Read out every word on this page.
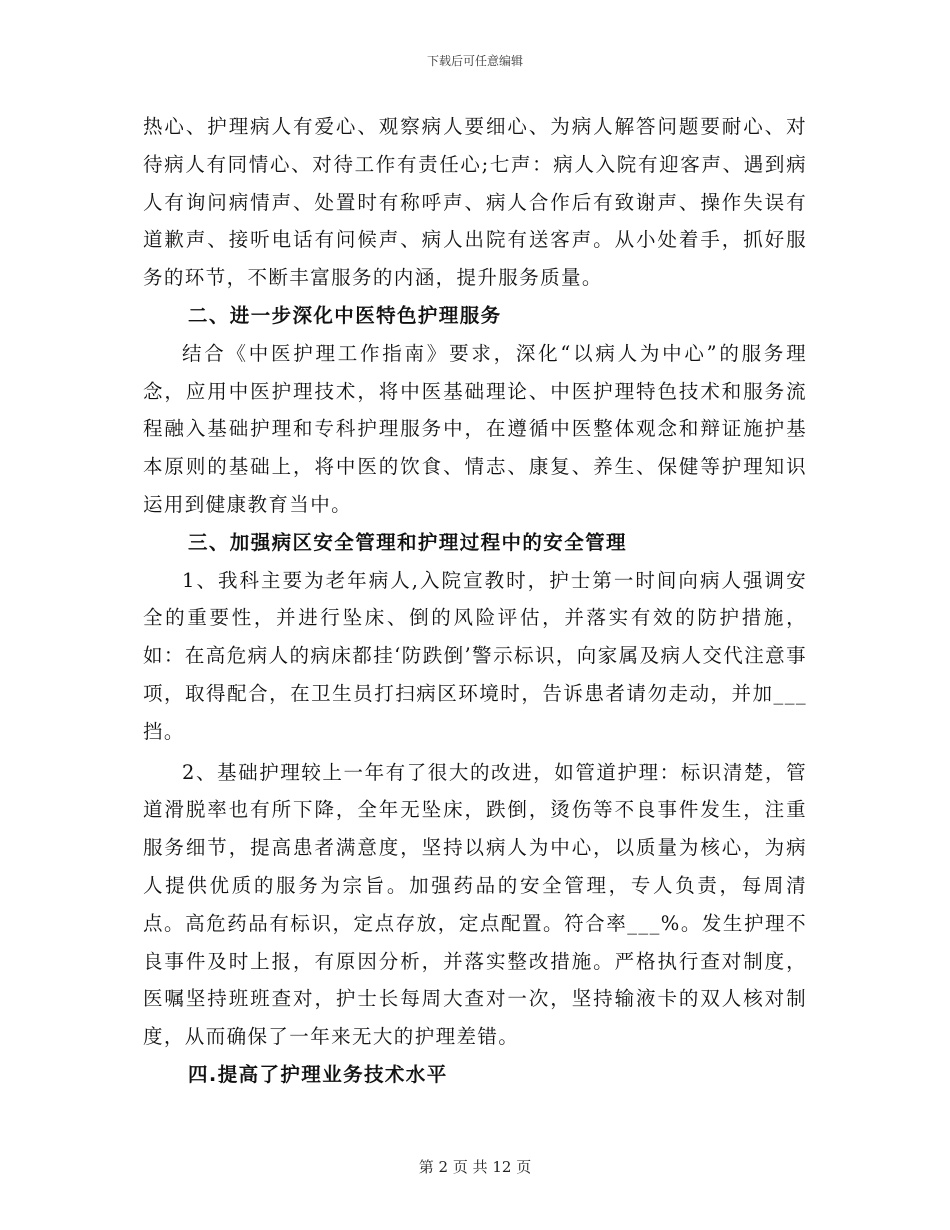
下载后可任意编辑

热心、护理病人有爱心、观察病人要细心、为病人解答问题要耐心、对待病人有同情心、对待工作有责任心;七声：病人入院有迎客声、遇到病人有询问病情声、处置时有称呼声、病人合作后有致谢声、操作失误有道歉声、接听电话有问候声、病人出院有送客声。从小处着手，抓好服务的环节，不断丰富服务的内涵，提升服务质量。

二、进一步深化中医特色护理服务

结合《中医护理工作指南》要求，深化“以病人为中心”的服务理念，应用中医护理技术，将中医基础理论、中医护理特色技术和服务流程融入基础护理和专科护理服务中，在遵循中医整体观念和辩证施护基本原则的基础上，将中医的饮食、情志、康复、养生、保健等护理知识运用到健康教育当中。

三、加强病区安全管理和护理过程中的安全管理

1、我科主要为老年病人,入院宣教时，护士第一时间向病人强调安全的重要性，并进行坠床、倒的风险评估，并落实有效的防护措施，如：在高危病人的病床都挂‘防跌倒’警示标识，向家属及病人交代注意事项，取得配合，在卫生员打扫病区环境时，告诉患者请勿走动，并加___挡。

2、基础护理较上一年有了很大的改进，如管道护理：标识清楚，管道滑脱率也有所下降，全年无坠床，跌倒，烫伤等不良事件发生，注重服务细节，提高患者满意度，坚持以病人为中心，以质量为核心，为病人提供优质的服务为宗旨。加强药品的安全管理，专人负责，每周清点。高危药品有标识，定点存放，定点配置。符合率___%。发生护理不良事件及时上报，有原因分析，并落实整改措施。严格执行查对制度，医嘱坚持班班查对，护士长每周大查对一次，坚持输液卡的双人核对制度，从而确保了一年来无大的护理差错。

四.提高了护理业务技术水平

第 2 页 共 12 页
